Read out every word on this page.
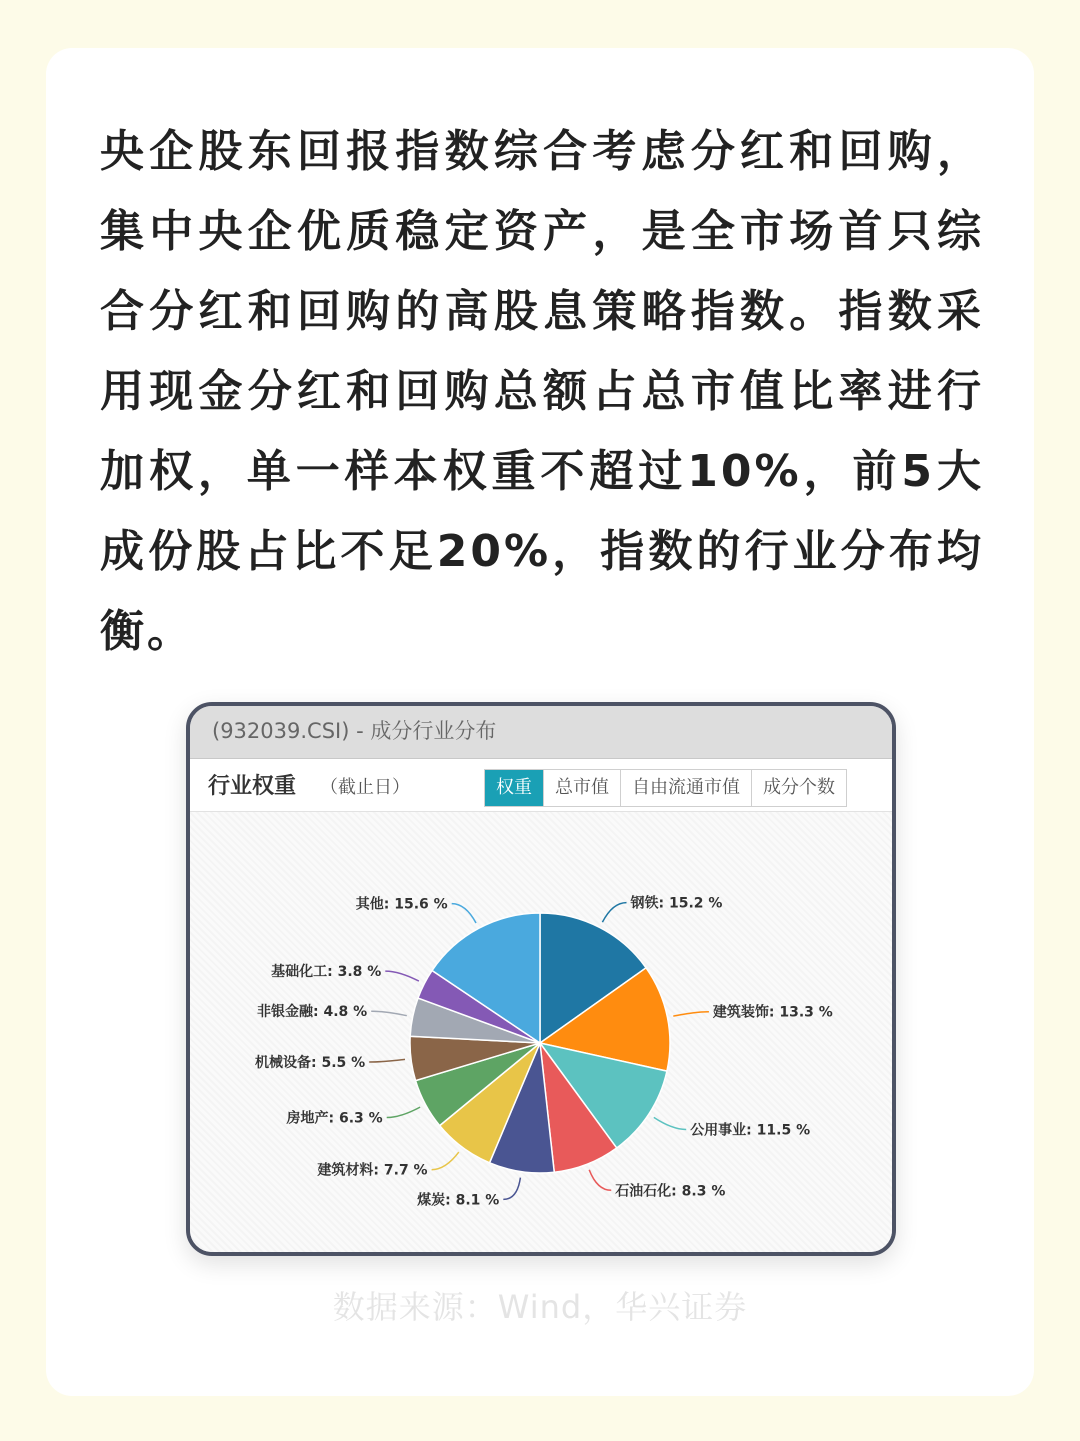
央企股东回报指数综合考虑分红和回购，集中央企优质稳定资产，是全市场首只综合分红和回购的高股息策略指数。指数采用现金分红和回购总额占总市值比率进行加权，单一样本权重不超过10%，前5大成份股占比不足20%，指数的行业分布均衡。

(932039.CSI) - 成分行业分布
行业权重 （截止日）	权重	总市值	自由流通市值	成分个数
钢铁: 15.2 %
建筑装饰: 13.3 %
公用事业: 11.5 %
石油石化: 8.3 %
煤炭: 8.1 %
建筑材料: 7.7 %
房地产: 6.3 %
机械设备: 5.5 %
非银金融: 4.8 %
基础化工: 3.8 %
其他: 15.6 %
数据来源：Wind，华兴证券
